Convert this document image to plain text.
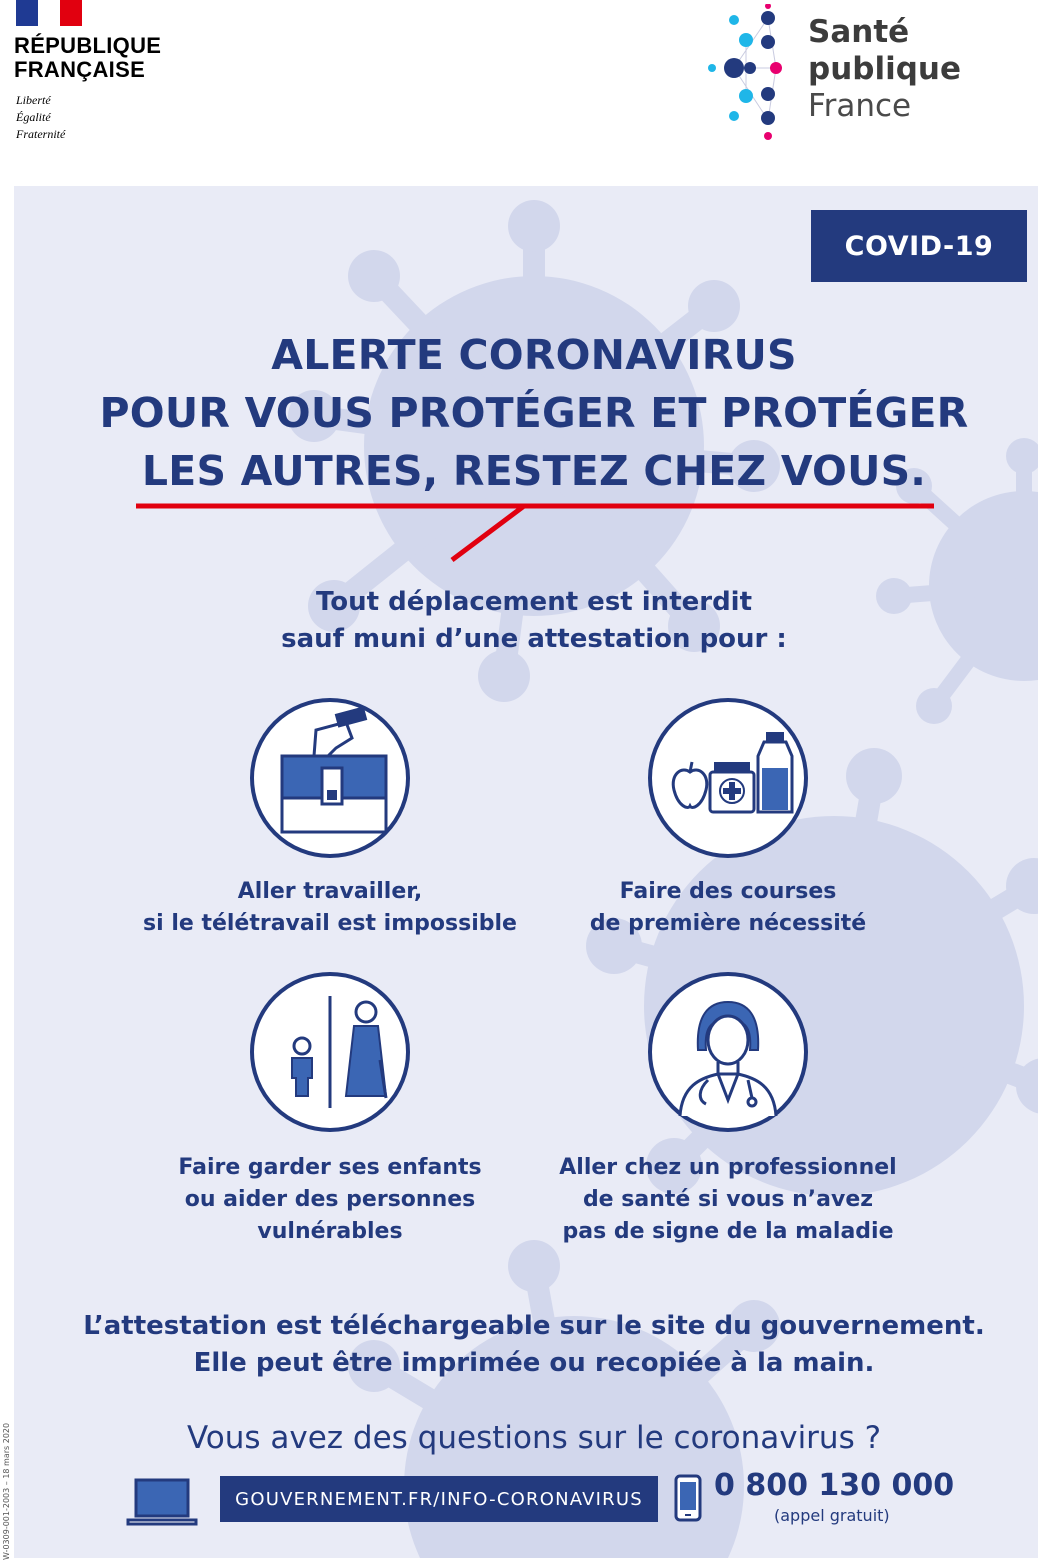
RÉPUBLIQUE
FRANÇAISE
Liberté
Égalité
Fraternité
Santé
publique
France
COVID-19
ALERTE CORONAVIRUS
POUR VOUS PROTÉGER ET PROTÉGER
LES AUTRES, RESTEZ CHEZ VOUS.
Tout déplacement est interdit
sauf muni d’une attestation pour :
Aller travailler,
si le télétravail est impossible
Faire des courses
de première nécessité
Faire garder ses enfants
ou aider des personnes
vulnérables
Aller chez un professionnel
de santé si vous n’avez
pas de signe de la maladie
L’attestation est téléchargeable sur le site du gouvernement.
Elle peut être imprimée ou recopiée à la main.
Vous avez des questions sur le coronavirus ?
GOUVERNEMENT.FR/INFO-CORONAVIRUS	0 800 130 000
(appel gratuit)
W-0309-001-2003 – 18 mars 2020
